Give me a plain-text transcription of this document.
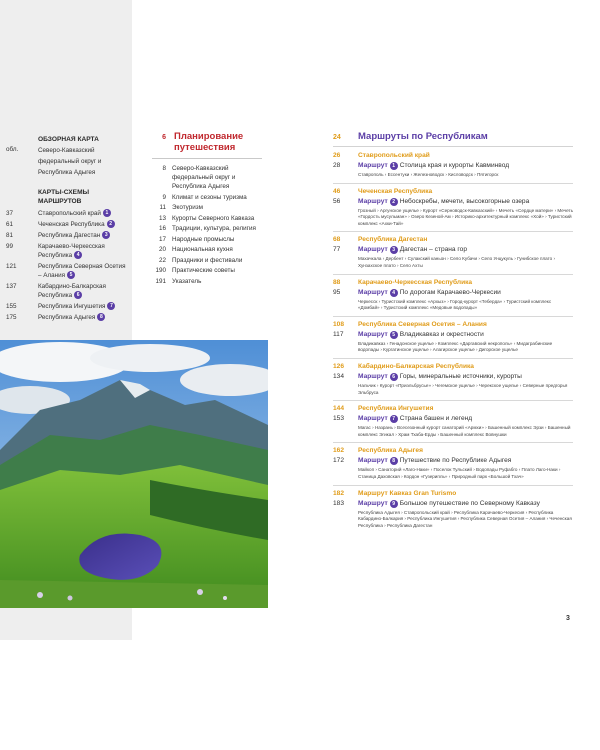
ОБЗОРНАЯ КАРТА
обл.	Северо-Кавказский федеральный округ и Республика Адыгея
КАРТЫ-СХЕМЫ МАРШРУТОВ
37	Ставропольский край 1
61	Чеченская Республика 2
81	Республика Дагестан 3
99	Карачаево-Черкесская Республика 4
121	Республика Северная Осетия – Алания 5
137	Кабардино-Балкарская Республика 6
155	Республика Ингушетия 7
175	Республика Адыгея 8
6 Планирование путешествия
8 Северо-Кавказский федеральный округ и Республика Адыгея
9 Климат и сезоны туризма
11 Экотуризм
13 Курорты Северного Кавказа
16 Традиции, культура, религия
17 Народные промыслы
20 Национальная кухня
22 Праздники и фестивали
190 Практические советы
191 Указатель
24	Маршруты по Республикам
26	Ставропольский край
28	Маршрут 1 Столица края и курорты Кавминвод
Ставрополь › Ессентуки › Железноводск › Кисловодск › Пятигорск
46	Чеченская Республика
56	Маршрут 2 Небоскребы, мечети, высокогорные озера
Грозный › Аргунское ущелье › Курорт «Серноводск-Кавказский» › Мечеть «Сердце матери» › Мечеть «Гордость мусульман» › Озеро Кезеной-Ам › Историко-архитектурный комплекс «Хой» › Туристский комплекс «Ахки-Тай»
68	Республика Дагестан
77	Маршрут 3 Дагестан – страна гор
Махачкала › Дербент › Сулакский каньон › Село Кубачи › Село Унцукуль › Гунибское плато › Хунзахское плато › Село Ахты
88	Карачаево-Черкесская Республика
95	Маршрут 4 По дорогам Карачаево-Черкесии
Черкесск › Туристский комплекс «Архыз» › Город-курорт «Теберда» › Туристский комплекс «Домбай» › Туристский комплекс «Медовые водопады»
108	Республика Северная Осетия – Алания
117	Маршрут 5 Владикавказ и окрестности
Владикавказ › Генадонское ущелье › Комплекс «Даргавский некрополь» › Мидаграбинские водопады › Кургатинское ущелье › Алагирское ущелье › Дигорское ущелье
126	Кабардино-Балкарская Республика
134	Маршрут 6 Горы, минеральные источники, курорты
Нальчик › Курорт «Приэльбрусье» › Чегемское ущелье › Черекское ущелье › Северные предгорья Эльбруса
144	Республика Ингушетия
153	Маршрут 7 Страна башен и легенд
Магас › Назрань › Всесезонный курорт санаторий «Армхи» › Башенный комплекс Эрзи › Башенный комплекс Эгикал › Храм Тхаба-Ерды › Башенный комплекс Вовнушки
162	Республика Адыгея
172	Маршрут 8 Путешествие по Республике Адыгея
Майкоп › Санаторий «Лаго-Наки» › Поселок Тульский › Водопады Руфабго › Плато Лаго-Наки › Станица Даховская › Кордон «Гузерипль» › Природный парк «Большой Тхач»
182	Маршрут Кавказ Gran Turismo
183	Маршрут 9 Большое путешествие по Северному Кавказу
Республика Адыгея › Ставропольский край › Республика Карачаево-Черкесия › Республика Кабардино-Балкария › Республика Ингушетия › Республика Северная Осетия – Алания › Чеченская Республика › Республика Дагестан
3
